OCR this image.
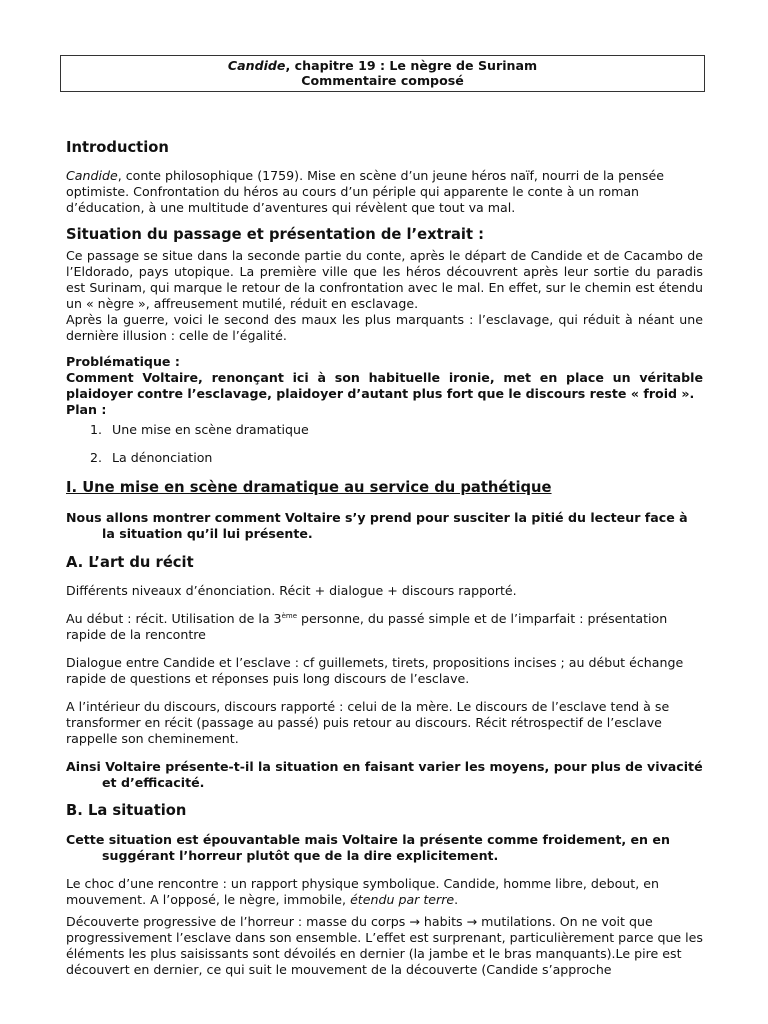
Candide, chapitre 19 : Le nègre de Surinam
Commentaire composé
Introduction

Candide, conte philosophique (1759). Mise en scène d’un jeune héros naïf, nourri de la pensée optimiste. Confrontation du héros au cours d’un périple qui apparente le conte à un roman d’éducation, à une multitude d’aventures qui révèlent que tout va mal.

Situation du passage et présentation de l’extrait :

Ce passage se situe dans la seconde partie du conte, après le départ de Candide et de Cacambo de l’Eldorado, pays utopique. La première ville que les héros découvrent après leur sortie du paradis est Surinam, qui marque le retour de la confrontation avec le mal. En effet, sur le chemin est étendu un « nègre », affreusement mutilé, réduit en esclavage.

Après la guerre, voici le second des maux les plus marquants : l’esclavage, qui réduit à néant une dernière illusion : celle de l’égalité.

Problématique :
Comment Voltaire, renonçant ici à son habituelle ironie, met en place un véritable plaidoyer contre l’esclavage, plaidoyer d’autant plus fort que le discours reste « froid ».
Plan :
1. Une mise en scène dramatique
2. La dénonciation
I. Une mise en scène dramatique au service du pathétique

Nous allons montrer comment Voltaire s’y prend pour susciter la pitié du lecteur face à la situation qu’il lui présente.

A. L’art du récit

Différents niveaux d’énonciation. Récit + dialogue + discours rapporté.

Au début : récit. Utilisation de la 3ème personne, du passé simple et de l’imparfait : présentation rapide de la rencontre

Dialogue entre Candide et l’esclave : cf guillemets, tirets, propositions incises ; au début échange rapide de questions et réponses puis long discours de l’esclave.

A l’intérieur du discours, discours rapporté : celui de la mère. Le discours de l’esclave tend à se transformer en récit (passage au passé) puis retour au discours. Récit rétrospectif de l’esclave rappelle son cheminement.

Ainsi Voltaire présente-t-il la situation en faisant varier les moyens, pour plus de vivacité et d’efficacité.

B. La situation

Cette situation est épouvantable mais Voltaire la présente comme froidement, en en suggérant l’horreur plutôt que de la dire explicitement.

Le choc d’une rencontre : un rapport physique symbolique. Candide, homme libre, debout, en mouvement. A l’opposé, le nègre, immobile, étendu par terre.

Découverte progressive de l’horreur : masse du corps → habits → mutilations. On ne voit que progressivement l’esclave dans son ensemble. L’effet est surprenant, particulièrement parce que les éléments les plus saisissants sont dévoilés en dernier (la jambe et le bras manquants).Le pire est découvert en dernier, ce qui suit le mouvement de la découverte (Candide s’approche
